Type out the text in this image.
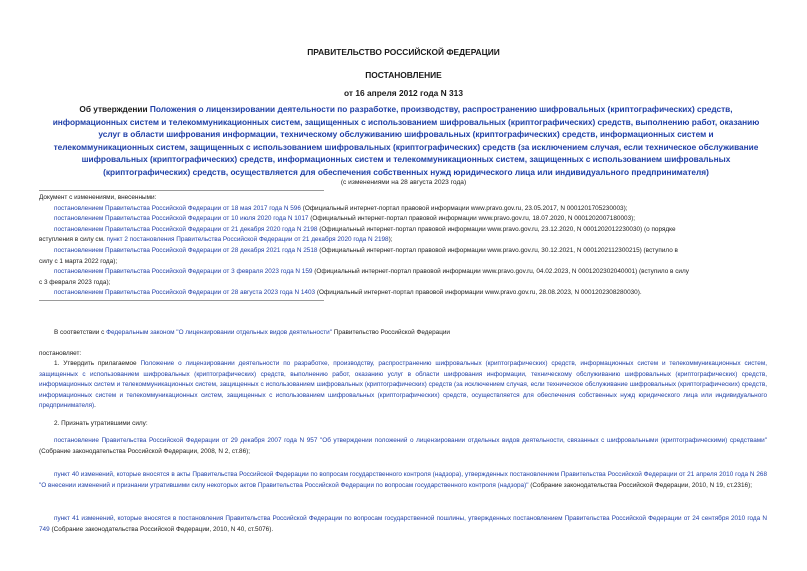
ПРАВИТЕЛЬСТВО РОССИЙСКОЙ ФЕДЕРАЦИИ
ПОСТАНОВЛЕНИЕ
от 16 апреля 2012 года N 313
Об утверждении Положения о лицензировании деятельности по разработке, производству, распространению шифровальных (криптографических) средств, информационных систем и телекоммуникационных систем, защищенных с использованием шифровальных (криптографических) средств, выполнению работ, оказанию услуг в области шифрования информации, техническому обслуживанию шифровальных (криптографических) средств, информационных систем и телекоммуникационных систем, защищенных с использованием шифровальных (криптографических) средств (за исключением случая, если техническое обслуживание шифровальных (криптографических) средств, информационных систем и телекоммуникационных систем, защищенных с использованием шифровальных (криптографических) средств, осуществляется для обеспечения собственных нужд юридического лица или индивидуального предпринимателя)
(с изменениями на 28 августа 2023 года)
Документ с изменениями, внесенными:
постановлением Правительства Российской Федерации от 18 мая 2017 года N 596 (Официальный интернет-портал правовой информации www.pravo.gov.ru, 23.05.2017, N 0001201705230003);
постановлением Правительства Российской Федерации от 10 июля 2020 года N 1017 (Официальный интернет-портал правовой информации www.pravo.gov.ru, 18.07.2020, N 0001202007180003);
постановлением Правительства Российской Федерации от 21 декабря 2020 года N 2198 (Официальный интернет-портал правовой информации www.pravo.gov.ru, 23.12.2020, N 0001202012230030) (о порядке
вступления в силу см. пункт 2 постановления Правительства Российской Федерации от 21 декабря 2020 года N 2198);
постановлением Правительства Российской Федерации от 28 декабря 2021 года N 2518 (Официальный интернет-портал правовой информации www.pravo.gov.ru, 30.12.2021, N 0001202112300215) (вступило в
силу с 1 марта 2022 года);
постановлением Правительства Российской Федерации от 3 февраля 2023 года N 159 (Официальный интернет-портал правовой информации www.pravo.gov.ru, 04.02.2023, N 0001202302040001) (вступило в силу
с 3 февраля 2023 года);
постановлением Правительства Российской Федерации от 28 августа 2023 года N 1403 (Официальный интернет-портал правовой информации www.pravo.gov.ru, 28.08.2023, N 0001202308280030).
В соответствии с Федеральным законом "О лицензировании отдельных видов деятельности" Правительство Российской Федерации
постановляет:
1. Утвердить прилагаемое Положение о лицензировании деятельности по разработке, производству, распространению шифровальных (криптографических) средств, информационных систем и телекоммуникационных систем, защищенных с использованием шифровальных (криптографических) средств, выполнению работ, оказанию услуг в области шифрования информации, техническому обслуживанию шифровальных (криптографических) средств, информационных систем и телекоммуникационных систем, защищенных с использованием шифровальных (криптографических) средств (за исключением случая, если техническое обслуживание шифровальных (криптографических) средств, информационных систем и телекоммуникационных систем, защищенных с использованием шифровальных (криптографических) средств, осуществляется для обеспечения собственных нужд юридического лица или индивидуального предпринимателя).
2. Признать утратившими силу:
постановление Правительства Российской Федерации от 29 декабря 2007 года N 957 "Об утверждении положений о лицензировании отдельных видов деятельности, связанных с шифровальными (криптографическими) средствами" (Собрание законодательства Российской Федерации, 2008, N 2, ст.86);
пункт 40 изменений, которые вносятся в акты Правительства Российской Федерации по вопросам государственного контроля (надзора), утвержденных постановлением Правительства Российской Федерации от 21 апреля 2010 года N 268 "О внесении изменений и признании утратившими силу некоторых актов Правительства Российской Федерации по вопросам государственного контроля (надзора)" (Собрание законодательства Российской Федерации, 2010, N 19, ст.2316);
пункт 41 изменений, которые вносятся в постановления Правительства Российской Федерации по вопросам государственной пошлины, утвержденных постановлением Правительства Российской Федерации от 24 сентября 2010 года N 749 (Собрание законодательства Российской Федерации, 2010, N 40, ст.5076).
